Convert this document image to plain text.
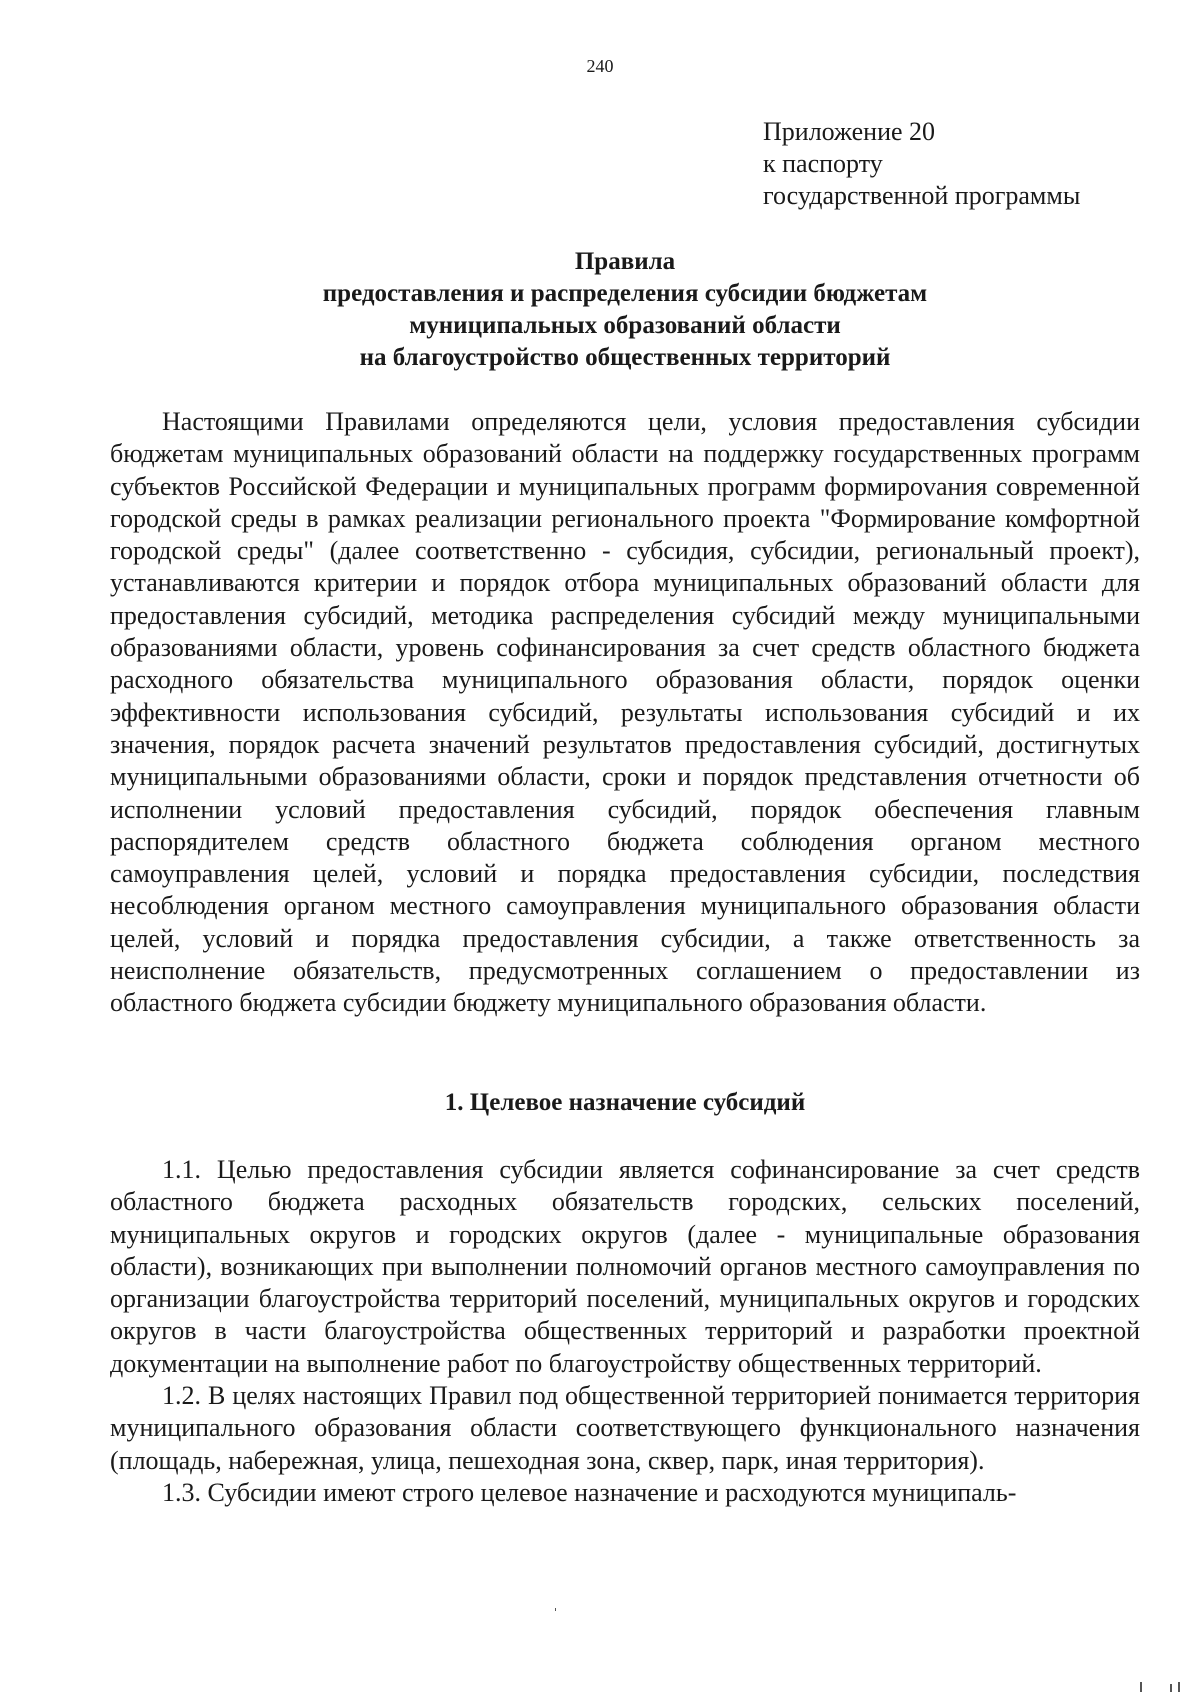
240
Приложение 20
к паспорту
государственной программы
Правила
предоставления и распределения субсидии бюджетам
муниципальных образований области
на благоустройство общественных территорий

Настоящими Правилами определяются цели, условия предоставления субсидии бюджетам муниципальных образований области на поддержку государственных программ субъектов Российской Федерации и муниципальных программ формироvания современной городской среды в рамках реализации регионального проекта "Формирование комфортной городской среды" (далее соответственно - субсидия, субсидии, региональный проект), устанавливаются критерии и порядок отбора муниципальных образований области для предоставления субсидий, методика распределения субсидий между муниципальными образованиями области, уровень софинансирования за счет средств областного бюджета расходного обязательства муниципального образования области, порядок оценки эффективности использования субсидий, результаты использования субсидий и их значения, порядок расчета значений результатов предоставления субсидий, достигнутых муниципальными образованиями области, сроки и порядок представления отчетности об исполнении условий предоставления субсидий, порядок обеспечения главным распорядителем средств областного бюджета соблюдения органом местного самоуправления целей, условий и порядка предоставления субсидии, последствия несоблюдения органом местного самоуправления муниципального образования области целей, условий и порядка предоставления субсидии, а также ответственность за неисполнение обязательств, предусмотренных соглашением о предоставлении из областного бюджета субсидии бюджету муниципального образования области.

1. Целевое назначение субсидий

1.1. Целью предоставления субсидии является софинансирование за счет средств областного бюджета расходных обязательств городских, сельских поселений, муниципальных округов и городских округов (далее - муниципальные образования области), возникающих при выполнении полномочий органов местного самоуправления по организации благоустройства территорий поселений, муниципальных округов и городских округов в части благоустройства общественных территорий и разработки проектной документации на выполнение работ по благоустройству общественных территорий.

1.2. В целях настоящих Правил под общественной территорией понимается территория муниципального образования области соответствующего функционального назначения (площадь, набережная, улица, пешеходная зона, сквер, парк, иная территория).

1.3. Субсидии имеют строго целевое назначение и расходуются муниципаль-
